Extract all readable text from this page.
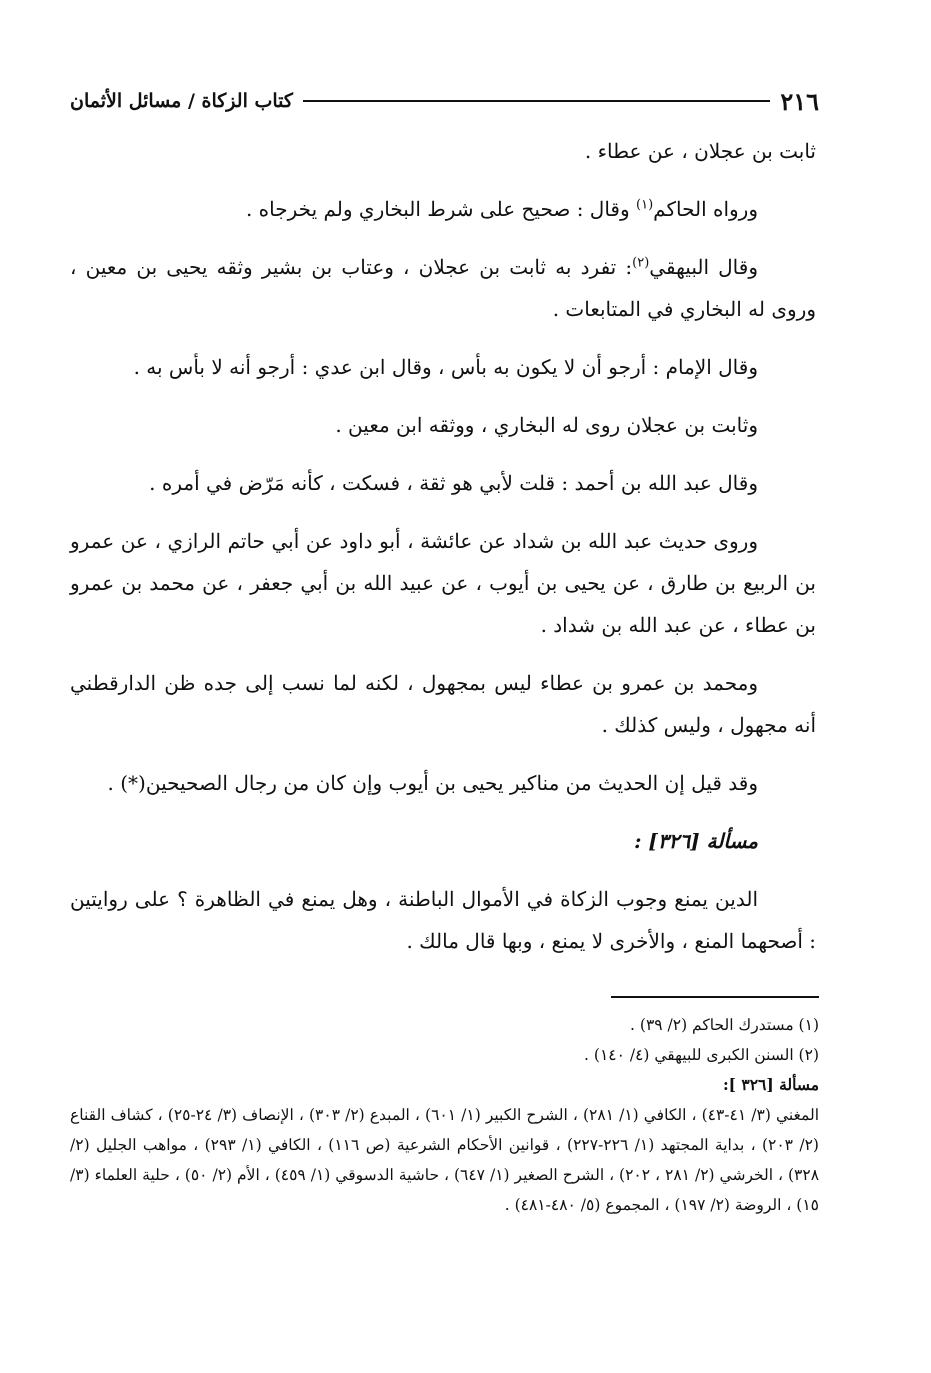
٢١٦
كتاب الزكاة / مسائل الأثمان

ثابت بن عجلان ، عن عطاء .

ورواه الحاكم$^{(١)}$ وقال : صحيح على شرط البخاري ولم يخرجاه .

وقال البيهقي$^{(٢)}$: تفرد به ثابت بن عجلان ، وعتاب بن بشير وثقه يحيى بن معين ، وروى له البخاري في المتابعات .

وقال الإمام : أرجو أن لا يكون به بأس ، وقال ابن عدي : أرجو أنه لا بأس به .

وثابت بن عجلان روى له البخاري ، ووثقه ابن معين .

وقال عبد الله بن أحمد : قلت لأبي هو ثقة ، فسكت ، كأنه مَرّض في أمره .

وروى حديث عبد الله بن شداد عن عائشة ، أبو داود عن أبي حاتم الرازي ، عن عمرو بن الربيع بن طارق ، عن يحيى بن أيوب ، عن عبيد الله بن أبي جعفر ، عن محمد بن عمرو بن عطاء ، عن عبد الله بن شداد .

ومحمد بن عمرو بن عطاء ليس بمجهول ، لكنه لما نسب إلى جده ظن الدارقطني أنه مجهول ، وليس كذلك .

وقد قيل إن الحديث من مناكير يحيى بن أيوب وإن كان من رجال الصحيحين(*) .

مسألة [٣٢٦] :

الدين يمنع وجوب الزكاة في الأموال الباطنة ، وهل يمنع في الظاهرة ؟ على روايتين : أصحهما المنع ، والأخرى لا يمنع ، وبها قال مالك .

(١) مستدرك الحاكم (٢/ ٣٩) .

(٢) السنن الكبرى للبيهقي (٤/ ١٤٠) .

مسألة [٣٢٦ ]:

المغني (٣/ ٤١-٤٣) ، الكافي (١/ ٢٨١) ، الشرح الكبير (١/ ٦٠١) ، المبدع (٢/ ٣٠٣) ، الإنصاف (٣/ ٢٤-٢٥) ، كشاف القناع (٢/ ٢٠٣) ، بداية المجتهد (١/ ٢٢٦-٢٢٧) ، قوانين الأحكام الشرعية (ص ١١٦) ، الكافي (١/ ٢٩٣) ، مواهب الجليل (٢/ ٣٢٨) ، الخرشي (٢/ ٢٨١ ، ٢٠٢) ، الشرح الصغير (١/ ٦٤٧) ، حاشية الدسوقي (١/ ٤٥٩) ، الأم (٢/ ٥٠) ، حلية العلماء (٣/ ١٥) ، الروضة (٢/ ١٩٧) ، المجموع (٥/ ٤٨٠-٤٨١) .
